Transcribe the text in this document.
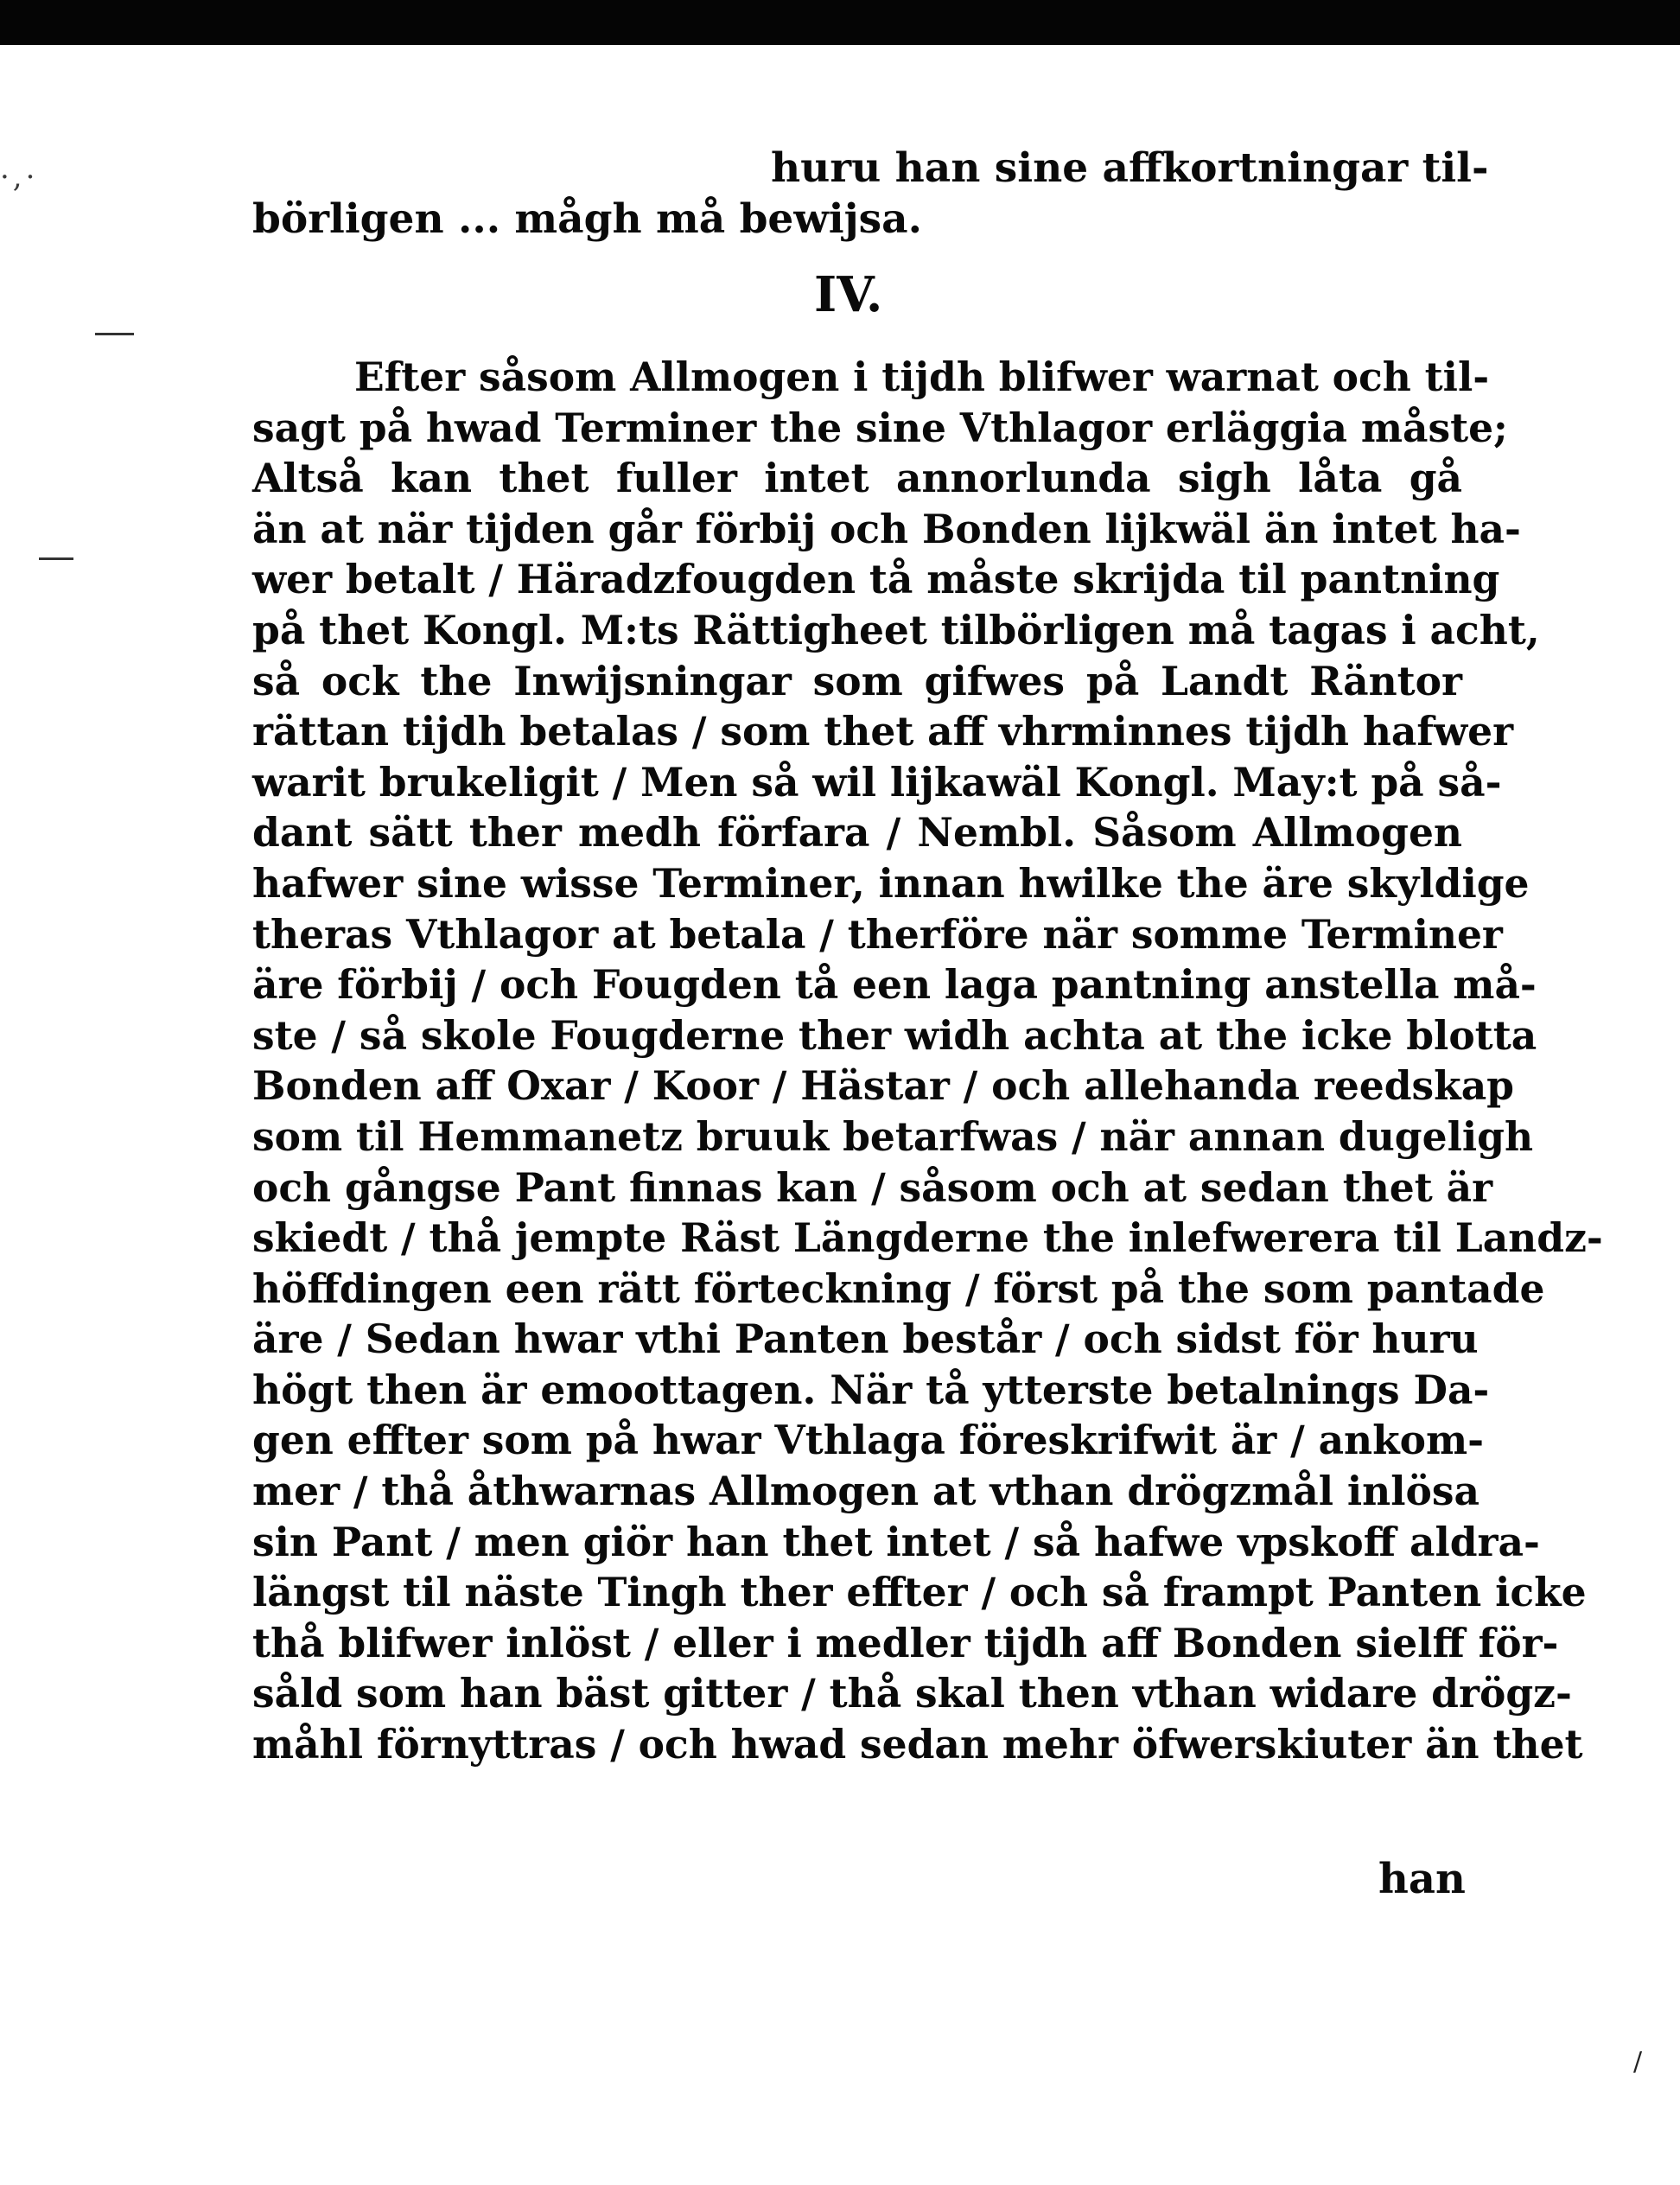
·,·	huru han sine affkortningar til-
börligen ... mågh må bewijsa.
IV.
Efter såsom Allmogen i tijdh blifwer warnat och til-
sagt på hwad Terminer the sine Vthlagor erläggia måste;
Altså kan thet fuller intet annorlunda sigh låta gå
än at när tijden går förbij och Bonden lijkwäl än intet ha-
wer betalt / Häradzfougden tå måste skrijda til pantning
på thet Kongl. M:ts Rättigheet tilbörligen må tagas i acht,
så ock the Inwijsningar som gifwes på Landt Räntor
rättan tijdh betalas / som thet aff vhrminnes tijdh hafwer
warit brukeligit / Men så wil lijkawäl Kongl. May:t på så-
dant sätt ther medh förfara / Nembl. Såsom Allmogen
hafwer sine wisse Terminer, innan hwilke the äre skyldige
theras Vthlagor at betala / therföre när somme Terminer
äre förbij / och Fougden tå een laga pantning anstella må-
ste / så skole Fougderne ther widh achta at the icke blotta
Bonden aff Oxar / Koor / Hästar / och allehanda reedskap
som til Hemmanetz bruuk betarfwas / när annan dugeligh
och gångse Pant finnas kan / såsom och at sedan thet är
skiedt / thå jempte Räst Längderne the inlefwerera til Landz-
höffdingen een rätt förteckning / först på the som pantade
äre / Sedan hwar vthi Panten består / och sidst för huru
högt then är emoottagen. När tå ytterste betalnings Da-
gen effter som på hwar Vthlaga föreskrifwit är / ankom-
mer / thå åthwarnas Allmogen at vthan drögzmål inlösa
sin Pant / men giör han thet intet / så hafwe vpskoff aldra-
längst til näste Tingh ther effter / och så frampt Panten icke
thå blifwer inlöst / eller i medler tijdh aff Bonden sielff för-
såld som han bäst gitter / thå skal then vthan widare drögz-
måhl förnyttras / och hwad sedan mehr öfwerskiuter än thet
han
/
